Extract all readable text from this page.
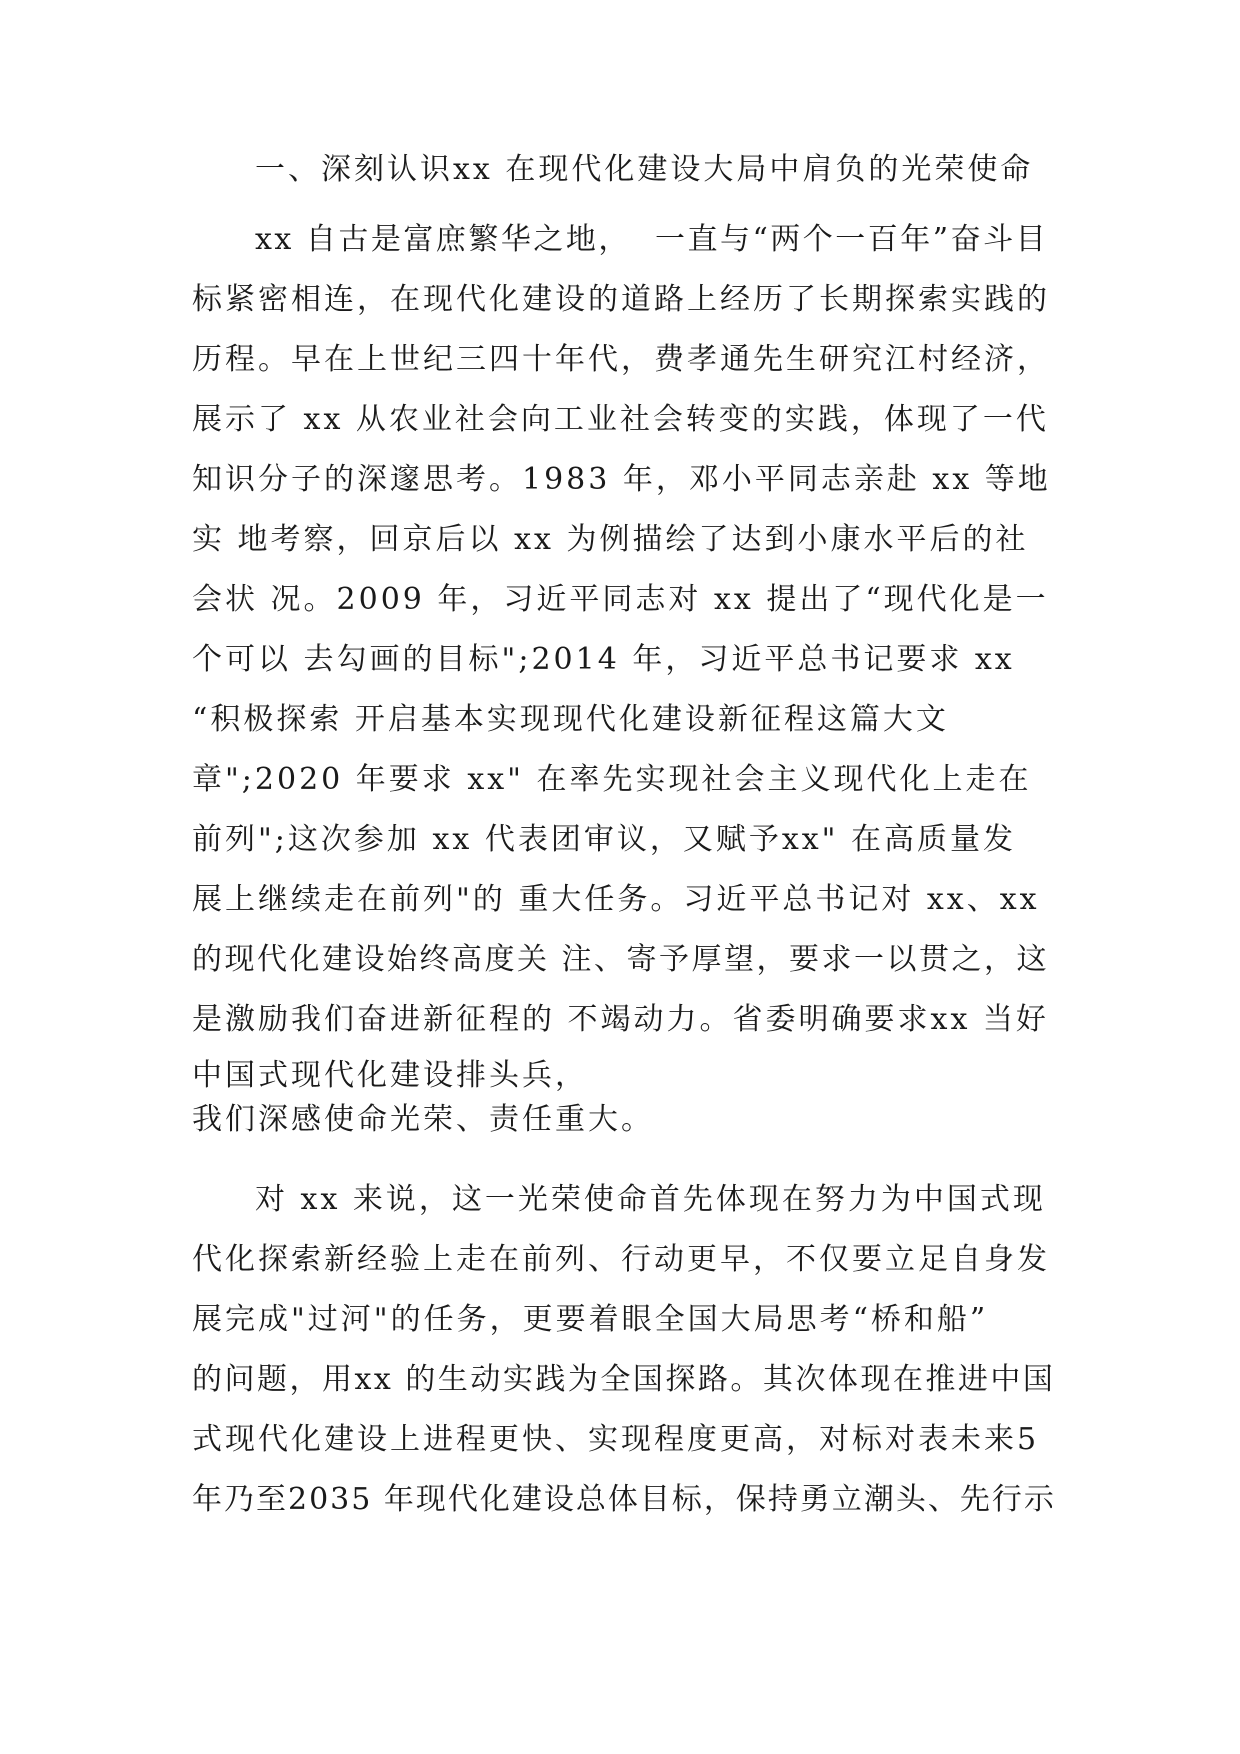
一、深刻认识xx 在现代化建设大局中肩负的光荣使命
xx 自古是富庶繁华之地，  一直与“两个一百年”奋斗目
标紧密相连，在现代化建设的道路上经历了长期探索实践的
历程。早在上世纪三四十年代，费孝通先生研究江村经济，
展示了 xx 从农业社会向工业社会转变的实践，体现了一代
知识分子的深邃思考。1983 年，邓小平同志亲赴 xx 等地
实 地考察，回京后以 xx 为例描绘了达到小康水平后的社
会状 况。2009 年，习近平同志对 xx 提出了“现代化是一
个可以 去勾画的目标";2014 年，习近平总书记要求 xx
“积极探索 开启基本实现现代化建设新征程这篇大文
章";2020 年要求 xx" 在率先实现社会主义现代化上走在
前列";这次参加 xx 代表团审议，又赋予xx" 在高质量发
展上继续走在前列"的 重大任务。习近平总书记对 xx、xx
的现代化建设始终高度关 注、寄予厚望，要求一以贯之，这
是激励我们奋进新征程的 不竭动力。省委明确要求xx 当好
中国式现代化建设排头兵，
我们深感使命光荣、责任重大。
对 xx 来说，这一光荣使命首先体现在努力为中国式现
代化探索新经验上走在前列、行动更早，不仅要立足自身发
展完成"过河"的任务，更要着眼全国大局思考“桥和船”
的问题，用xx 的生动实践为全国探路。其次体现在推进中国
式现代化建设上进程更快、实现程度更高，对标对表未来5
年乃至2035 年现代化建设总体目标，保持勇立潮头、先行示
